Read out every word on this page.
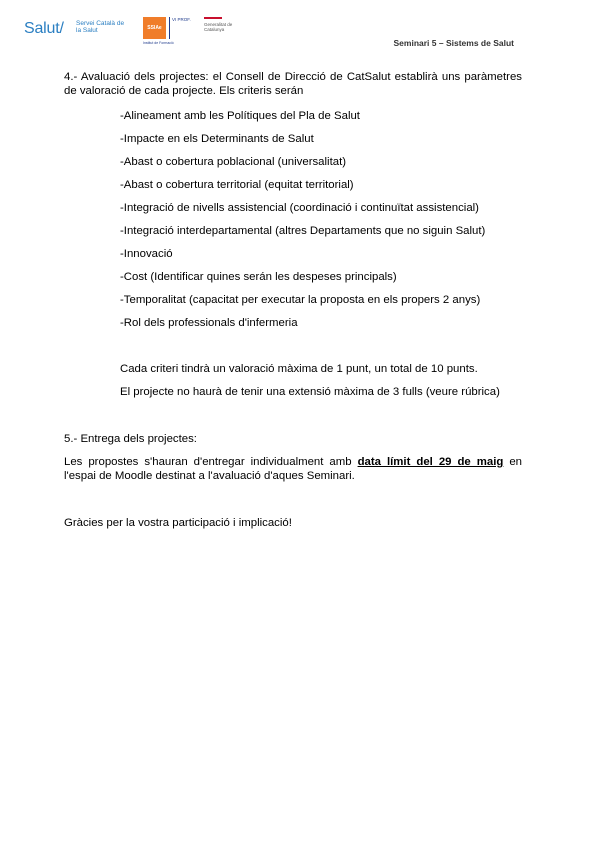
Salut/ Servei Català de la Salut	SSIAe
VI PROF.
Institut de Formació
Generalitat de Catalunya
Seminari 5 – Sistems de Salut
4.- Avaluació dels projectes: el Consell de Direcció de CatSalut establirà uns paràmetres de valoració de cada projecte. Els criteris serán
-Alineament amb les Polítiques del Pla de Salut
-Impacte en els Determinants de Salut
-Abast o cobertura poblacional (universalitat)
-Abast o cobertura territorial (equitat territorial)
-Integració de nivells assistencial (coordinació i continuïtat assistencial)
-Integració interdepartamental (altres Departaments que no siguin Salut)
-Innovació
-Cost (Identificar quines serán les despeses principals)
-Temporalitat (capacitat per executar la proposta en els propers 2 anys)
-Rol dels professionals d'infermeria
Cada criteri tindrà un valoració màxima de 1 punt, un total de 10 punts.
El projecte no haurà de tenir una extensió màxima de 3 fulls (veure rúbrica)
5.- Entrega dels projectes:
Les propostes s'hauran d'entregar individualment amb data límit del 29 de maig en l'espai de Moodle destinat a l'avaluació d'aques Seminari.
Gràcies per la vostra participació i implicació!
